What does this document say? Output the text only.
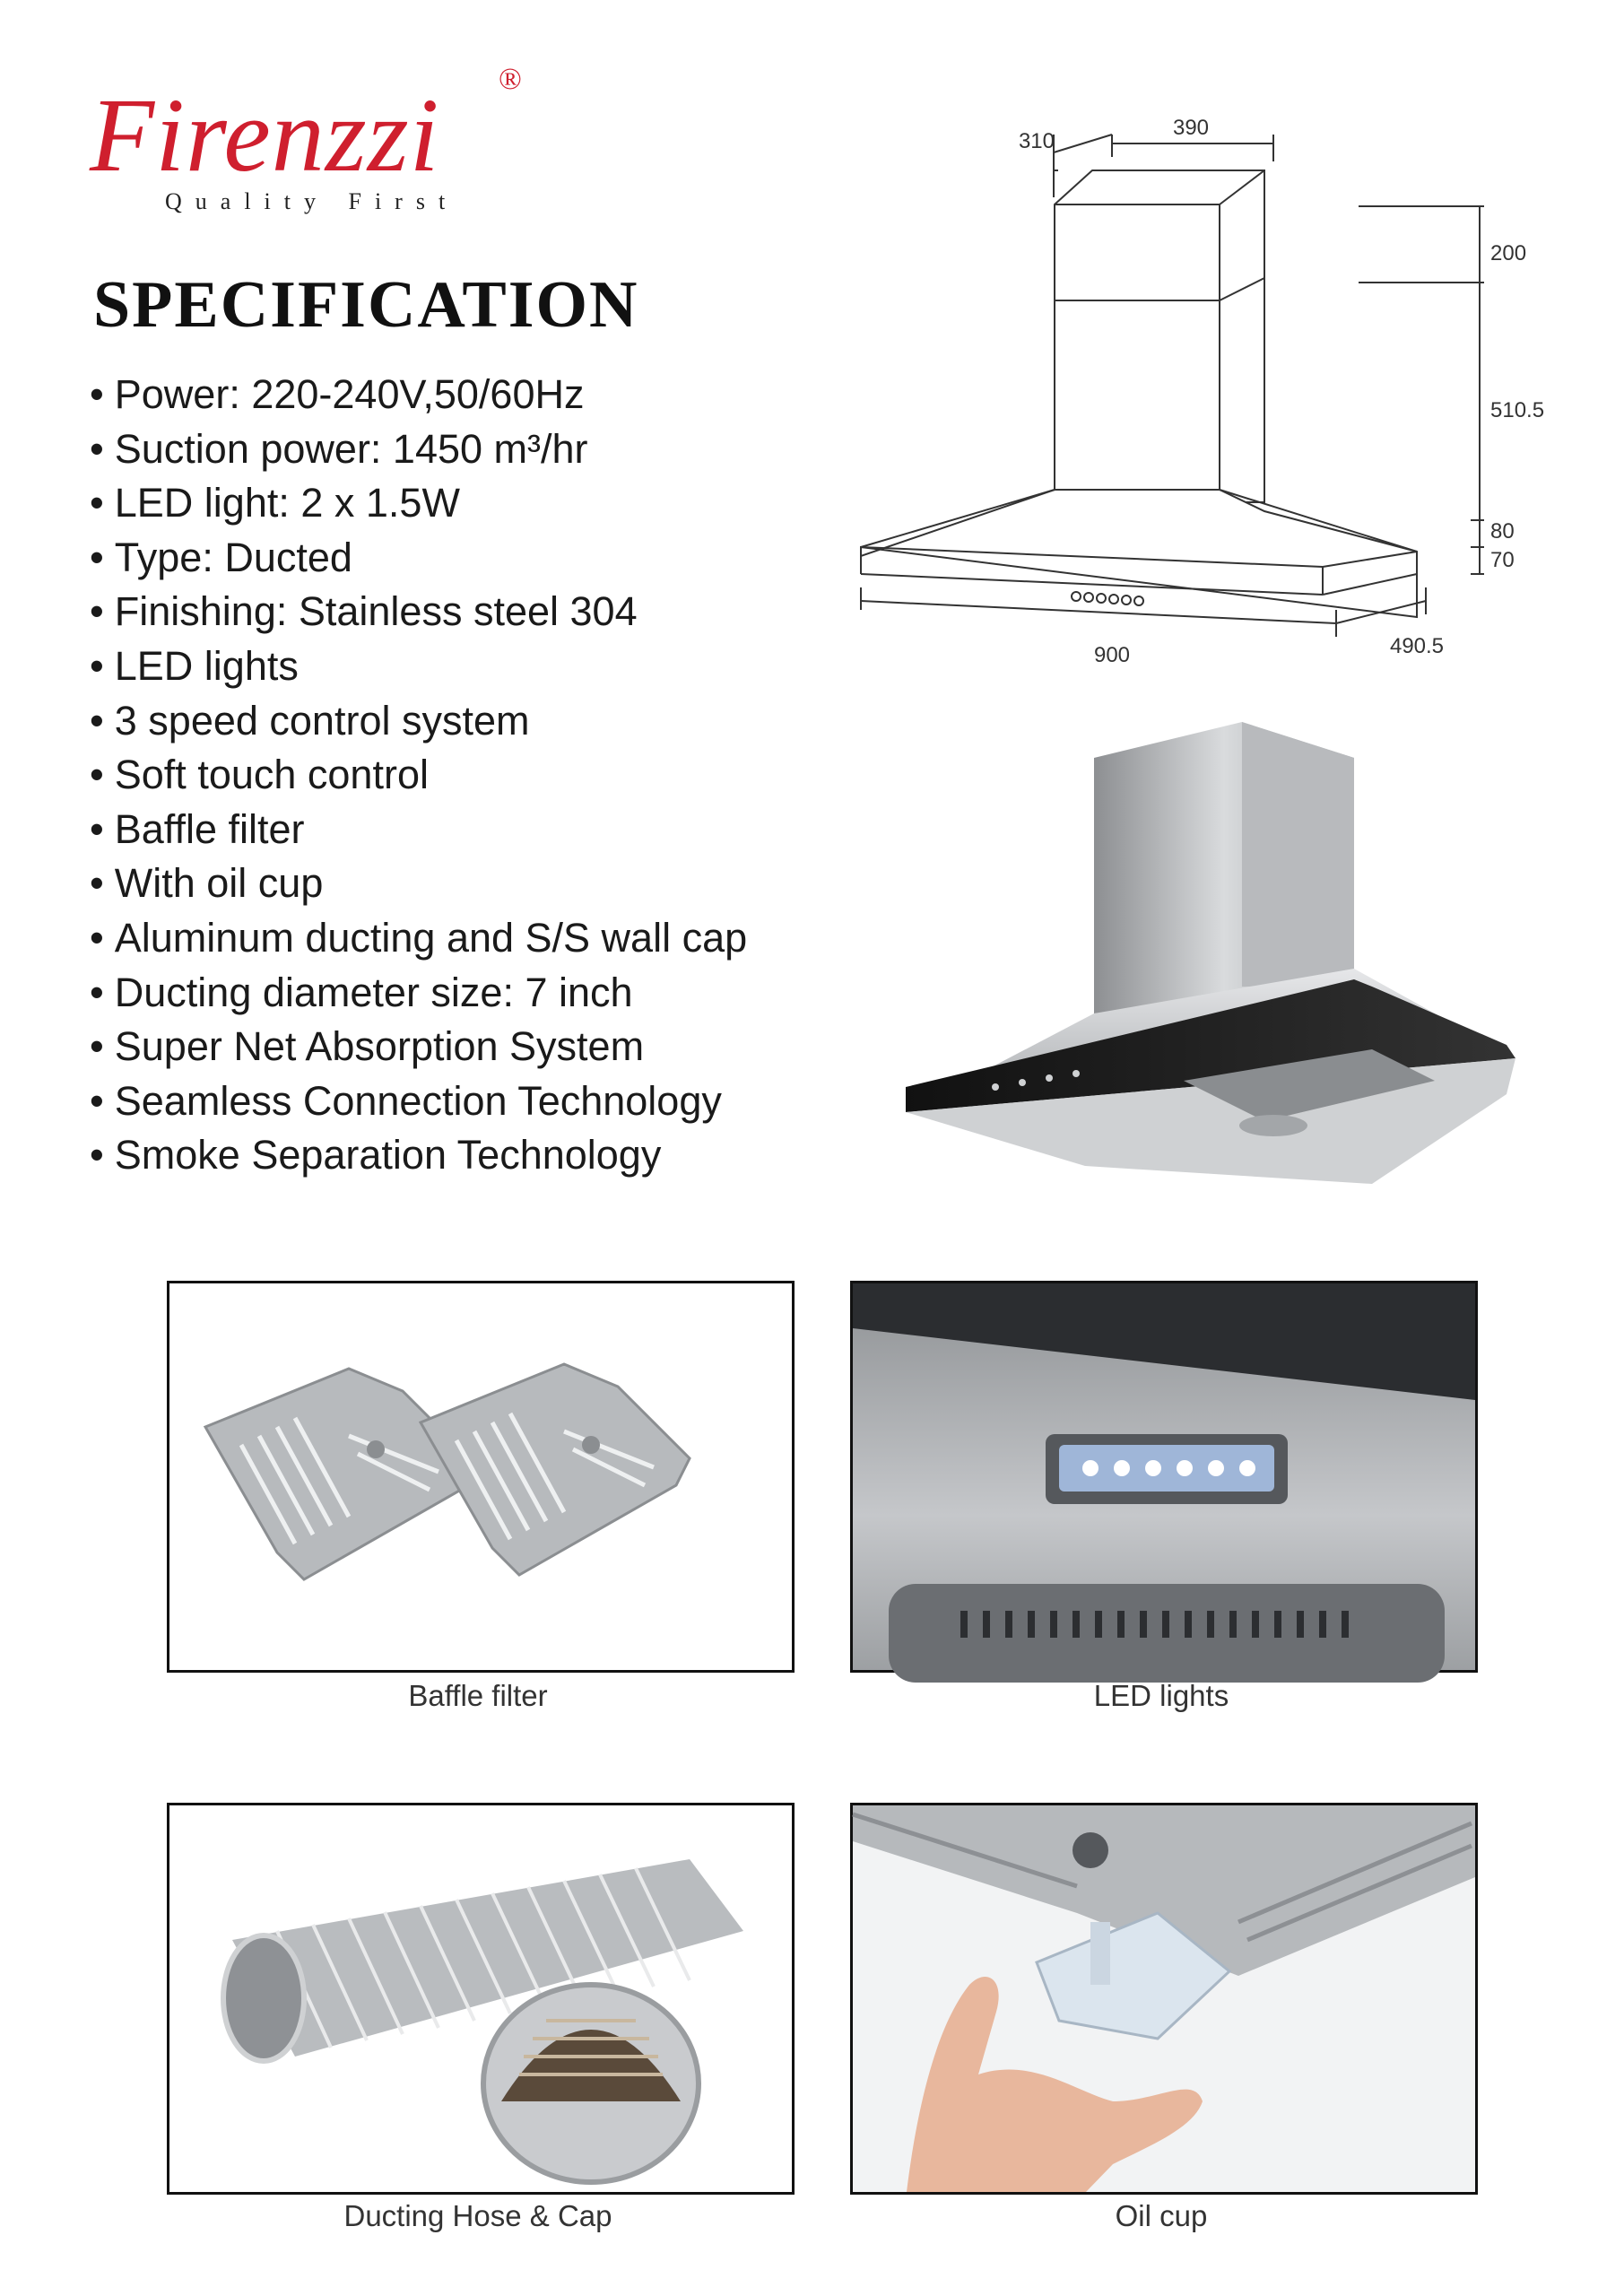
Firenzzi ®
Quality First
SPECIFICATION
• Power: 220-240V,50/60Hz
• Suction power: 1450 m³/hr
• LED light: 2 x 1.5W
• Type: Ducted
• Finishing: Stainless steel 304
• LED lights
• 3 speed control system
• Soft touch control
• Baffle filter
• With oil cup
• Aluminum ducting and S/S wall cap
• Ducting diameter size: 7 inch
• Super Net Absorption System
• Seamless Connection Technology
• Smoke Separation Technology
310
390
200
510.5
80
70
900	490.5
Baffle filter	LED lights
Ducting Hose & Cap	Oil cup
